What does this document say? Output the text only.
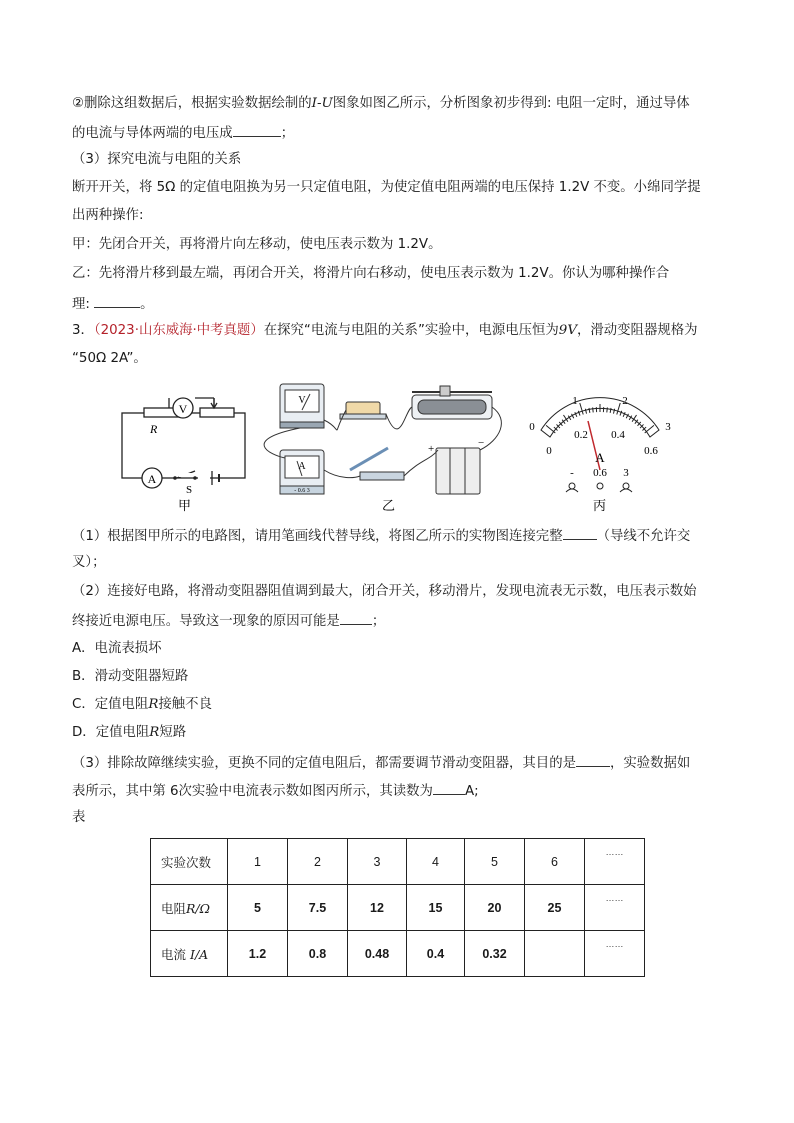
②删除这组数据后，根据实验数据绘制的I-U图象如图乙所示，分析图象初步得到: 电阻一定时，通过导体
的电流与导体两端的电压成	；
（3）探究电流与电阻的关系
断开开关，将 5Ω 的定值电阻换为另一只定值电阻，为使定值电阻两端的电压保持 1.2V 不变。小绵同学提
出两种操作:
甲：先闭合开关，再将滑片向左移动，使电压表示数为 1.2V。
乙：先将滑片移到最左端，再闭合开关，将滑片向右移动，使电压表示数为 1.2V。你认为哪种操作合
理:	。
3．（2023·山东威海·中考真题）在探究“电流与电阻的关系”实验中，电源电压恒为9V，滑动变阻器规格为
“50Ω 2A”。
V
A
R
S
甲
V
A
- 0.6 3
+	−
乙
0
1	2
3
0
0.2 0.4
0.6
A
- 0.6 3
丙
（1）根据图甲所示的电路图，请用笔画线代替导线，将图乙所示的实物图连接完整	（导线不允许交
叉）；
（2）连接好电路，将滑动变阻器阻值调到最大，闭合开关，移动滑片，发现电流表无示数，电压表示数始
终接近电源电压。导致这一现象的原因可能是 ；
A．电流表损坏
B．滑动变阻器短路
C．定值电阻R接触不良
D．定值电阻R短路
（3）排除故障继续实验，更换不同的定值电阻后，都需要调节滑动变阻器，其目的是	，实验数据如
表所示，其中第 6次实验中电流表示数如图丙所示，其读数为 A;
表
实验次数	1	2	3	4	5	6	……
电阻R/Ω	5	7.5	12	15	20	25	……
电流 I/A	1.2	0.8	0.48	0.4	0.32		……
